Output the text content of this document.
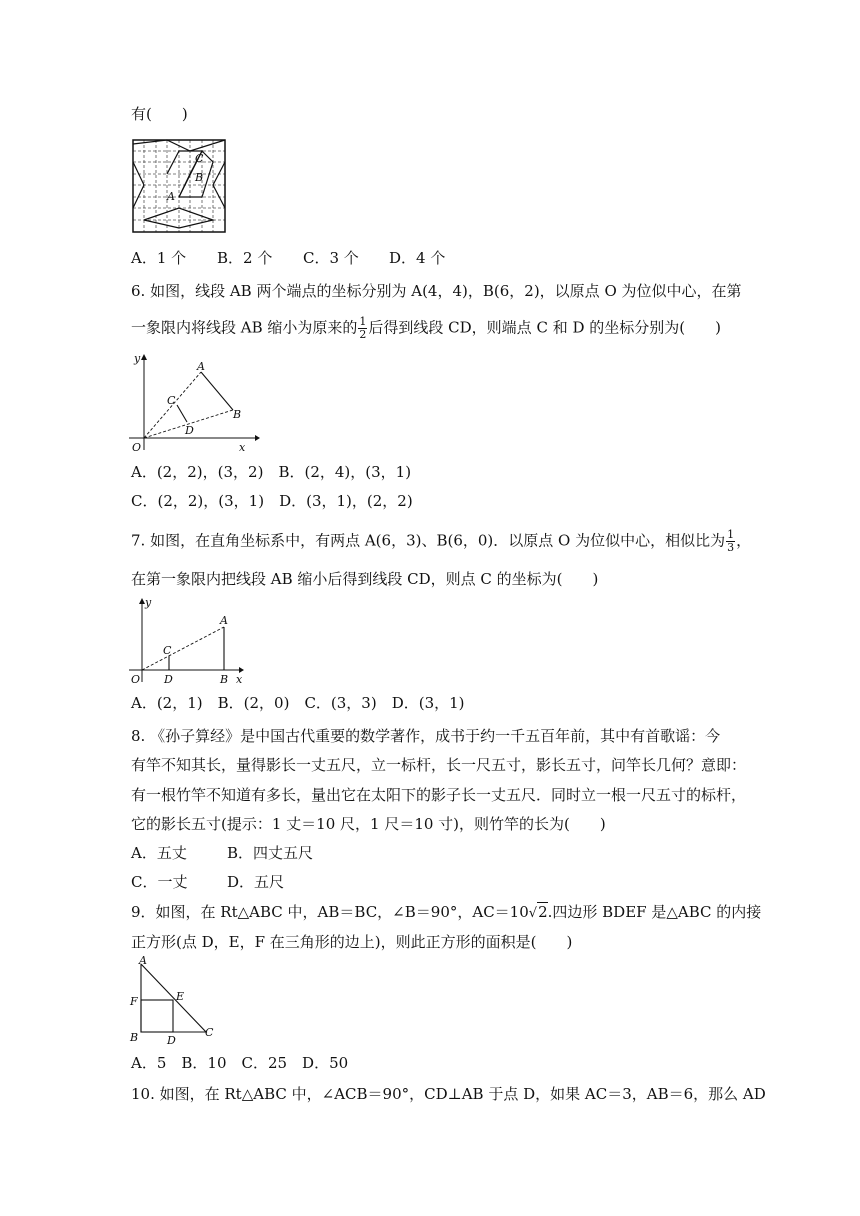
有(　　)
C
B
A
A．1 个 B．2 个 C．3 个 D．4 个
6. 如图，线段 AB 两个端点的坐标分别为 A(4，4)，B(6，2)，以原点 O 为位似中心，在第
一象限内将线段 AB 缩小为原来的 $\frac{1}{2}$ 后得到线段 CD，则端点 C 和 D 的坐标分别为(　　)
y
A
C
D
B
O	x
A．(2，2)，(3，2)　 B．(2，4)，(3，1)
C．(2，2)，(3，1)　 D．(3，1)，(2，2)
7. 如图，在直角坐标系中，有两点 A(6，3)、B(6，0)．以原点 O 为位似中心，相似比为 $\frac{1}{3}$ ，
在第一象限内把线段 AB 缩小后得到线段 CD，则点 C 的坐标为(　　)
y
A
C
O D	B x
A．(2，1)　B．(2，0)　C．(3，3)　D．(3，1)
8. 《孙子算经》是中国古代重要的数学著作，成书于约一千五百年前，其中有首歌谣：今
有竿不知其长，量得影长一丈五尺，立一标杆，长一尺五寸，影长五寸，问竿长几何？意即：
有一根竹竿不知道有多长，量出它在太阳下的影子长一丈五尺．同时立一根一尺五寸的标杆，
它的影长五寸(提示：1 丈＝10 尺，1 尺＝10 寸)，则竹竿的长为(　　)
A．五丈	B．四丈五尺
C．一丈	D．五尺
9．如图，在 Rt△ABC 中，AB＝BC，∠B＝90°，AC＝10√2.四边形 BDEF 是△ABC 的内接
正方形(点 D，E，F 在三角形的边上)，则此正方形的面积是(　　)
A
F	E
B	D
C
A．5　B．10　C．25　D．50
10. 如图，在 Rt△ABC 中，∠ACB＝90°，CD⊥AB 于点 D，如果 AC＝3，AB＝6，那么 AD
